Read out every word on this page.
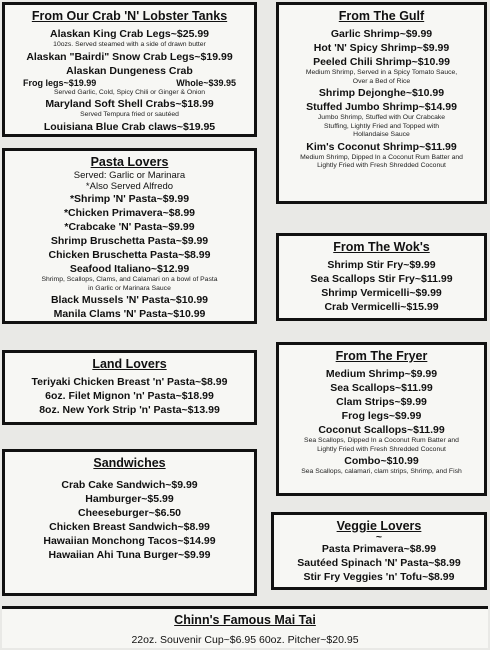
From Our Crab 'N' Lobster Tanks
Alaskan King Crab Legs~$25.99
10ozs. Served steamed with a side of drawn butter
Alaskan "Bairdi" Snow Crab Legs~$19.99
Alaskan Dungeness Crab
Frog legs~$19.99	Whole~$39.95
Served Garlic, Cold, Spicy Chili or Ginger & Onion
Maryland Soft Shell Crabs~$18.99
Served Tempura fried or sautéed
Louisiana Blue Crab claws~$19.95
From The Gulf
Garlic Shrimp~$9.99
Hot 'N' Spicy Shrimp~$9.99
Peeled Chili Shrimp~$10.99
Medium Shrimp, Served in a Spicy Tomato Sauce,
Over a Bed of Rice
Shrimp Dejonghe~$10.99
Stuffed Jumbo Shrimp~$14.99
Jumbo Shrimp, Stuffed with Our Crabcake
Stuffing, Lightly Fried and Topped with
Hollandaise Sauce
Kim's Coconut Shrimp~$11.99
Medium Shrimp, Dipped In a Coconut Rum Batter and
Lightly Fried with Fresh Shredded Coconut
Pasta Lovers
Served: Garlic or Marinara
*Also Served Alfredo
*Shrimp 'N' Pasta~$9.99
*Chicken Primavera~$8.99
*Crabcake 'N' Pasta~$9.99
Shrimp Bruschetta Pasta~$9.99
Chicken Bruschetta Pasta~$8.99
Seafood Italiano~$12.99
Shrimp, Scallops, Clams, and Calamari on a bowl of Pasta
in Garlic or Marinara Sauce
Black Mussels 'N' Pasta~$10.99
Manila Clams 'N' Pasta~$10.99
From The Wok's
Shrimp Stir Fry~$9.99
Sea Scallops Stir Fry~$11.99
Shrimp Vermicelli~$9.99
Crab Vermicelli~$15.99
Land Lovers
Teriyaki Chicken Breast 'n' Pasta~$8.99
6oz. Filet Mignon 'n' Pasta~$18.99
8oz. New York Strip 'n' Pasta~$13.99
From The Fryer
Medium Shrimp~$9.99
Sea Scallops~$11.99
Clam Strips~$9.99
Frog legs~$9.99
Coconut Scallops~$11.99
Sea Scallops, Dipped In a Coconut Rum Batter and
Lightly Fried with Fresh Shredded Coconut
Combo~$10.99
Sea Scallops, calamari, clam strips, Shrimp, and Fish
Sandwiches
Crab Cake Sandwich~$9.99
Hamburger~$5.99
Cheeseburger~$6.50
Chicken Breast Sandwich~$8.99
Hawaiian Monchong Tacos~$14.99
Hawaiian Ahi Tuna Burger~$9.99
Veggie Lovers
~
Pasta Primavera~$8.99
Sautéed Spinach 'N' Pasta~$8.99
Stir Fry Veggies 'n' Tofu~$8.99
Chinn's Famous Mai Tai
22oz. Souvenir Cup~$6.95 60oz. Pitcher~$20.95
